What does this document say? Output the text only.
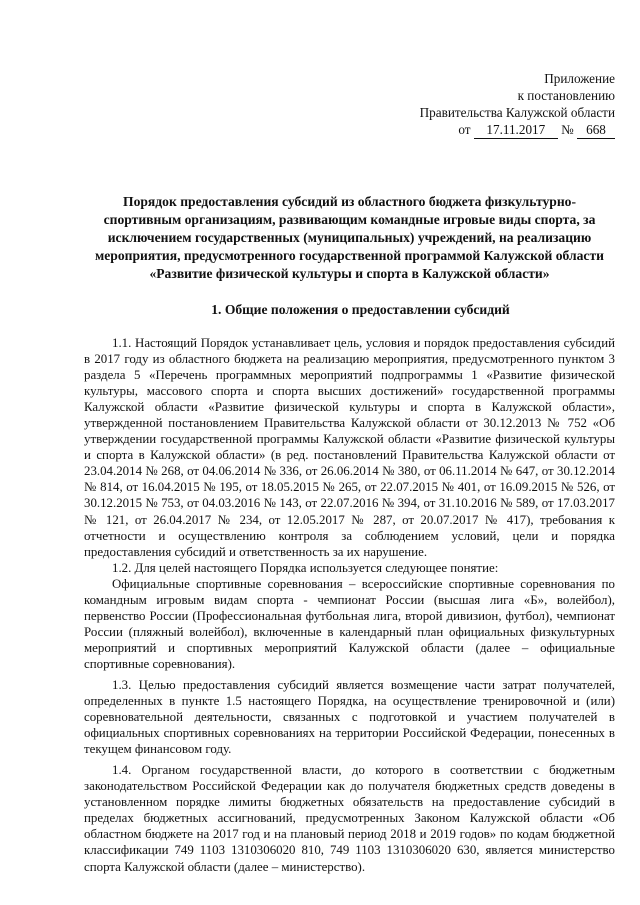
Приложение
к постановлению
Правительства Калужской области
от 17.11.2017 № 668
Порядок предоставления субсидий из областного бюджета физкультурно-спортивным организациям, развивающим командные игровые виды спорта, за исключением государственных (муниципальных) учреждений, на реализацию мероприятия, предусмотренного государственной программой Калужской области «Развитие физической культуры и спорта в Калужской области»
1. Общие положения о предоставлении субсидий

1.1. Настоящий Порядок устанавливает цель, условия и порядок предоставления субсидий в 2017 году из областного бюджета на реализацию мероприятия, предусмотренного пунктом 3 раздела 5 «Перечень программных мероприятий подпрограммы 1 «Развитие физической культуры, массового спорта и спорта высших достижений» государственной программы Калужской области «Развитие физической культуры и спорта в Калужской области», утвержденной постановлением Правительства Калужской области от 30.12.2013 № 752 «Об утверждении государственной программы Калужской области «Развитие физической культуры и спорта в Калужской области» (в ред. постановлений Правительства Калужской области от 23.04.2014 № 268, от 04.06.2014 № 336, от 26.06.2014 № 380, от 06.11.2014 № 647, от 30.12.2014 № 814, от 16.04.2015 № 195, от 18.05.2015 № 265, от 22.07.2015 № 401, от 16.09.2015 № 526, от 30.12.2015 № 753, от 04.03.2016 № 143, от 22.07.2016 № 394, от 31.10.2016 № 589, от 17.03.2017 № 121, от 26.04.2017 № 234, от 12.05.2017 № 287, от 20.07.2017 № 417), требования к отчетности и осуществлению контроля за соблюдением условий, цели и порядка предоставления субсидий и ответственность за их нарушение.

1.2. Для целей настоящего Порядка используется следующее понятие:

Официальные спортивные соревнования – всероссийские спортивные соревнования по командным игровым видам спорта - чемпионат России (высшая лига «Б», волейбол), первенство России (Профессиональная футбольная лига, второй дивизион, футбол), чемпионат России (пляжный волейбол), включенные в календарный план официальных физкультурных мероприятий и спортивных мероприятий Калужской области (далее – официальные спортивные соревнования).

1.3. Целью предоставления субсидий является возмещение части затрат получателей, определенных в пункте 1.5 настоящего Порядка, на осуществление тренировочной и (или) соревновательной деятельности, связанных с подготовкой и участием получателей в официальных спортивных соревнованиях на территории Российской Федерации, понесенных в текущем финансовом году.

1.4. Органом государственной власти, до которого в соответствии с бюджетным законодательством Российской Федерации как до получателя бюджетных средств доведены в установленном порядке лимиты бюджетных обязательств на предоставление субсидий в пределах бюджетных ассигнований, предусмотренных Законом Калужской области «Об областном бюджете на 2017 год и на плановый период 2018 и 2019 годов» по кодам бюджетной классификации 749 1103 1310306020 810, 749 1103 1310306020 630, является министерство спорта Калужской области (далее – министерство).
